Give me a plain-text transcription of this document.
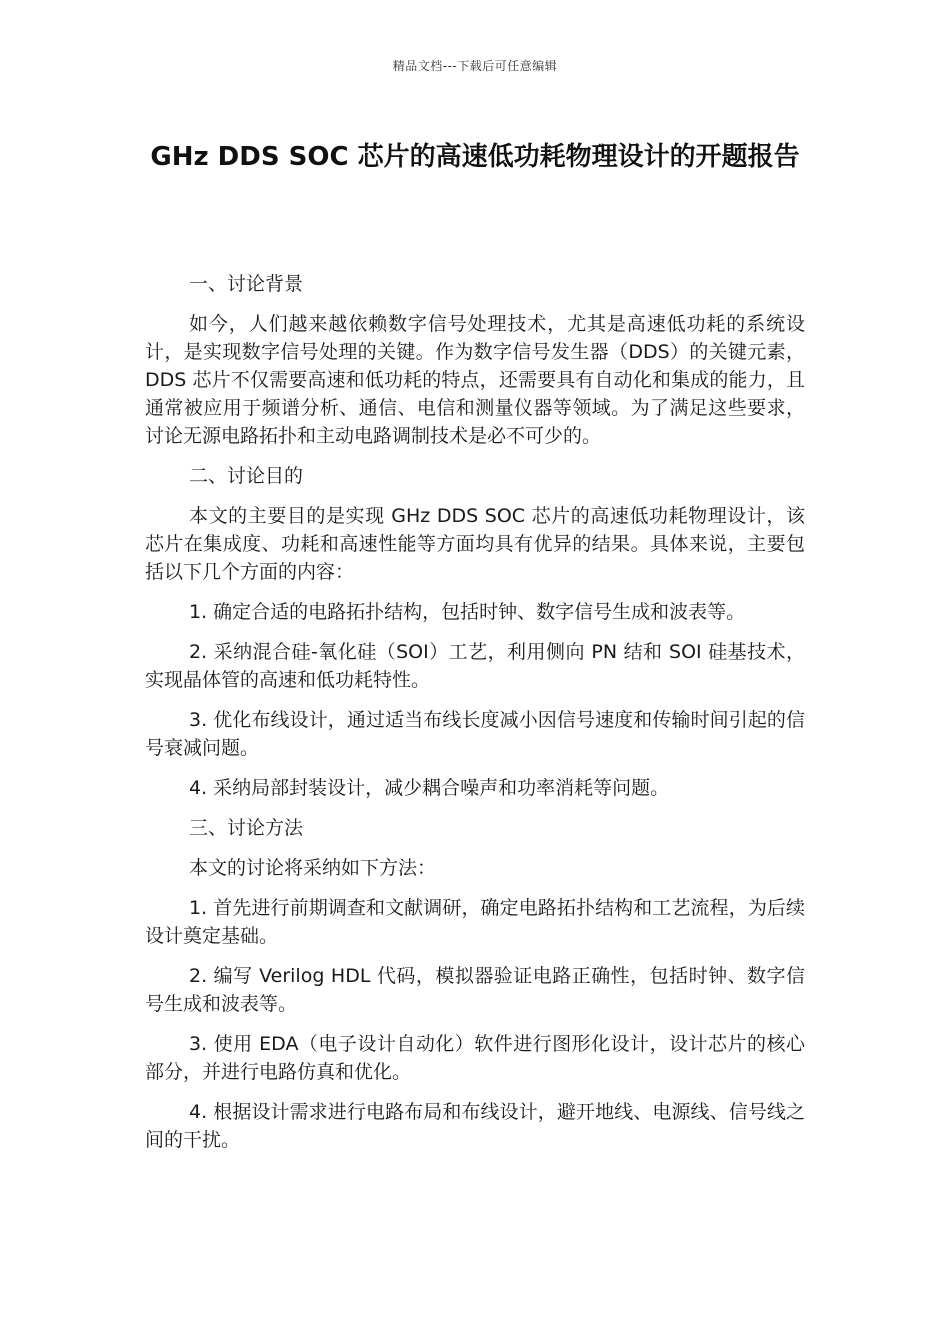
精品文档---下载后可任意编辑
GHz DDS SOC 芯片的高速低功耗物理设计的开题报告

一、讨论背景

如今，人们越来越依赖数字信号处理技术，尤其是高速低功耗的系统设计，是实现数字信号处理的关键。作为数字信号发生器（DDS）的关键元素，DDS 芯片不仅需要高速和低功耗的特点，还需要具有自动化和集成的能力，且通常被应用于频谱分析、通信、电信和测量仪器等领域。为了满足这些要求，讨论无源电路拓扑和主动电路调制技术是必不可少的。

二、讨论目的

本文的主要目的是实现 GHz DDS SOC 芯片的高速低功耗物理设计，该芯片在集成度、功耗和高速性能等方面均具有优异的结果。具体来说，主要包括以下几个方面的内容：

1. 确定合适的电路拓扑结构，包括时钟、数字信号生成和波表等。

2. 采纳混合硅-氧化硅（SOI）工艺，利用侧向 PN 结和 SOI 硅基技术，实现晶体管的高速和低功耗特性。

3. 优化布线设计，通过适当布线长度减小因信号速度和传输时间引起的信号衰减问题。

4. 采纳局部封装设计，减少耦合噪声和功率消耗等问题。

三、讨论方法

本文的讨论将采纳如下方法：

1. 首先进行前期调查和文献调研，确定电路拓扑结构和工艺流程，为后续设计奠定基础。

2. 编写 Verilog HDL 代码，模拟器验证电路正确性，包括时钟、数字信号生成和波表等。

3. 使用 EDA（电子设计自动化）软件进行图形化设计，设计芯片的核心部分，并进行电路仿真和优化。

4. 根据设计需求进行电路布局和布线设计，避开地线、电源线、信号线之间的干扰。
